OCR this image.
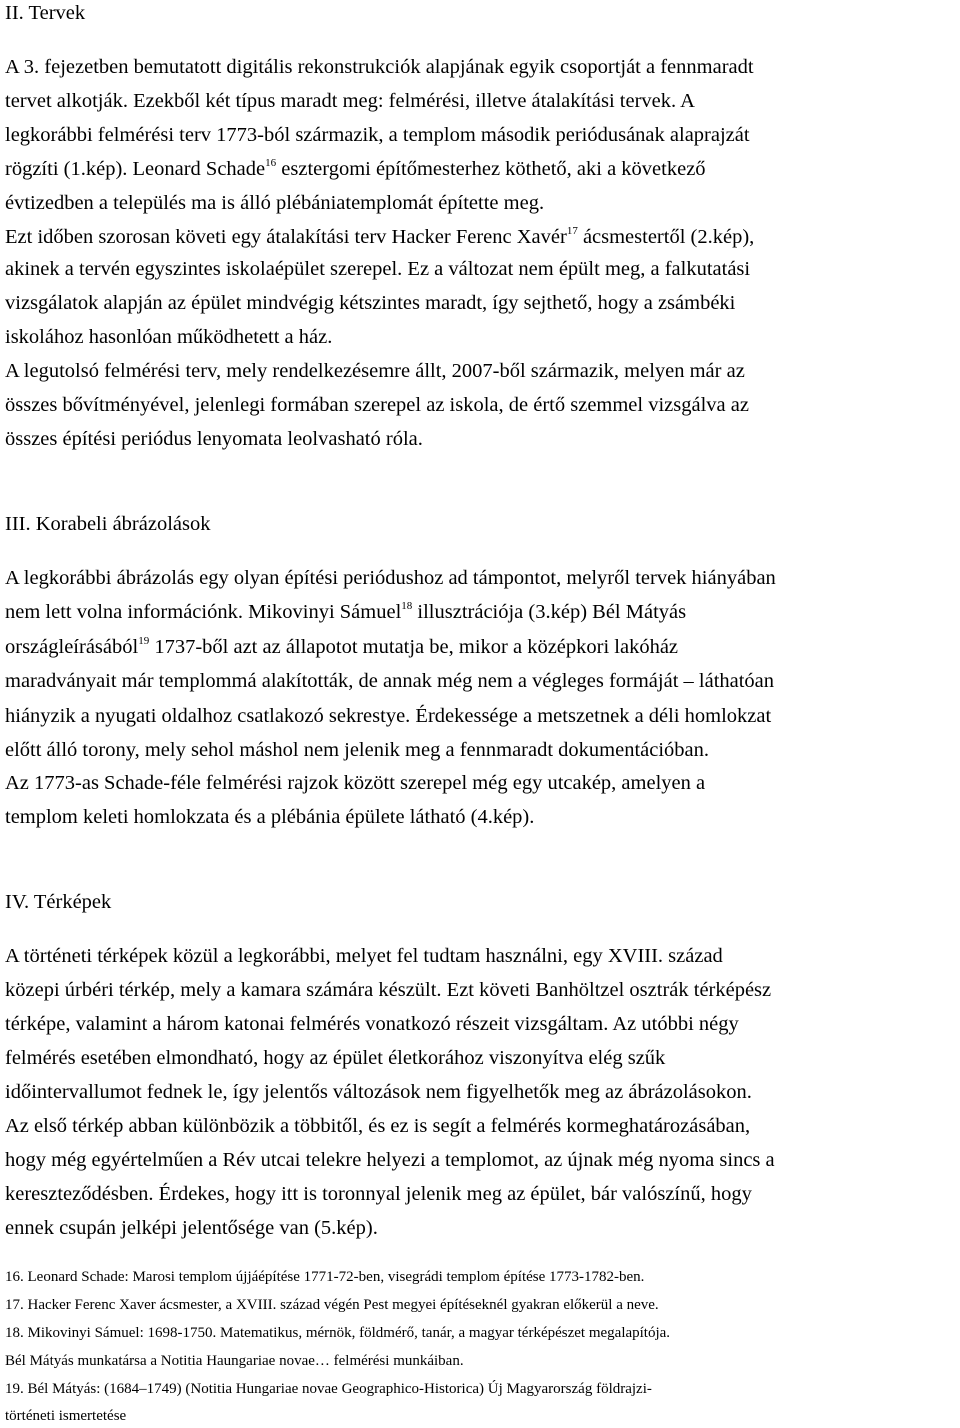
II. Tervek
A 3. fejezetben bemutatott digitális rekonstrukciók alapjának egyik csoportját a fennmaradt
tervet alkotják. Ezekből két típus maradt meg: felmérési, illetve átalakítási tervek. A
legkorábbi felmérési terv 1773-ból származik, a templom második periódusának alaprajzát
rögzíti (1.kép). Leonard Schade$^{16}$ esztergomi építőmesterhez köthető, aki a következő
évtizedben a település ma is álló plébániatemplomát építette meg.
Ezt időben szorosan követi egy átalakítási terv Hacker Ferenc Xavér$^{17}$ ácsmestertől (2.kép),
akinek a tervén egyszintes iskolaépület szerepel. Ez a változat nem épült meg, a falkutatási
vizsgálatok alapján az épület mindvégig kétszintes maradt, így sejthető, hogy a zsámbéki
iskolához hasonlóan működhetett a ház.
A legutolsó felmérési terv, mely rendelkezésemre állt, 2007-ből származik, melyen már az
összes bővítményével, jelenlegi formában szerepel az iskola, de értő szemmel vizsgálva az
összes építési periódus lenyomata leolvasható róla.
III. Korabeli ábrázolások
A legkorábbi ábrázolás egy olyan építési periódushoz ad támpontot, melyről tervek hiányában
nem lett volna információnk. Mikovinyi Sámuel$^{18}$ illusztrációja (3.kép) Bél Mátyás
országleírásából$^{19}$ 1737-ből azt az állapotot mutatja be, mikor a középkori lakóház
maradványait már templommá alakították, de annak még nem a végleges formáját – láthatóan
hiányzik a nyugati oldalhoz csatlakozó sekrestye. Érdekessége a metszetnek a déli homlokzat
előtt álló torony, mely sehol máshol nem jelenik meg a fennmaradt dokumentációban.
Az 1773-as Schade-féle felmérési rajzok között szerepel még egy utcakép, amelyen a
templom keleti homlokzata és a plébánia épülete látható (4.kép).
IV. Térképek
A történeti térképek közül a legkorábbi, melyet fel tudtam használni, egy XVIII. század
közepi úrbéri térkép, mely a kamara számára készült. Ezt követi Banhöltzel osztrák térképész
térképe, valamint a három katonai felmérés vonatkozó részeit vizsgáltam. Az utóbbi négy
felmérés esetében elmondható, hogy az épület életkorához viszonyítva elég szűk
időintervallumot fednek le, így jelentős változások nem figyelhetők meg az ábrázolásokon.
Az első térkép abban különbözik a többitől, és ez is segít a felmérés kormeghatározásában,
hogy még egyértelműen a Rév utcai telekre helyezi a templomot, az újnak még nyoma sincs a
kereszteződésben. Érdekes, hogy itt is toronnyal jelenik meg az épület, bár valószínű, hogy
ennek csupán jelképi jelentősége van (5.kép).
16. Leonard Schade: Marosi templom újjáépítése 1771-72-ben, visegrádi templom építése 1773-1782-ben.
17. Hacker Ferenc Xaver ácsmester, a XVIII. század végén Pest megyei építéseknél gyakran előkerül a neve.
18. Mikovinyi Sámuel: 1698-1750. Matematikus, mérnök, földmérő, tanár, a magyar térképészet megalapítója.
Bél Mátyás munkatársa a Notitia Haungariae novae… felmérési munkáiban.
19. Bél Mátyás: (1684–1749) (Notitia Hungariae novae Geographico-Historica) Új Magyarország földrajzi-
történeti ismertetése
